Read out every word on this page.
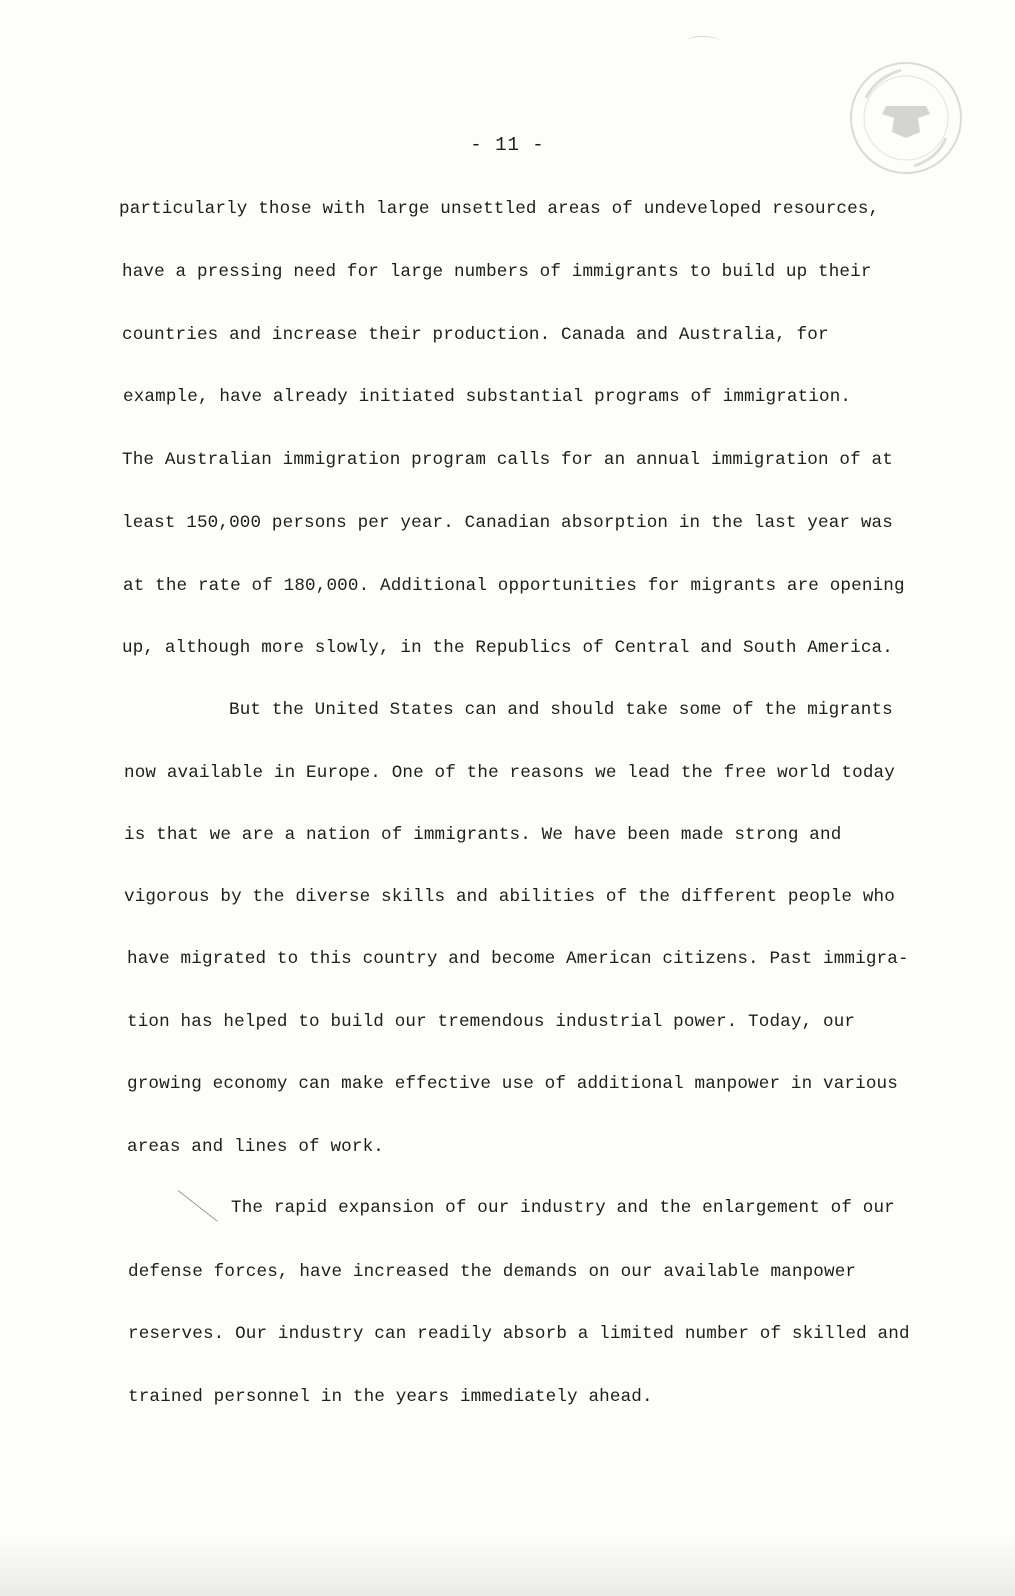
- 11 -
particularly those with large unsettled areas of undeveloped resources,
have a pressing need for large numbers of immigrants to build up their
countries and increase their production. Canada and Australia, for
example, have already initiated substantial programs of immigration.
The Australian immigration program calls for an annual immigration of at
least 150,000 persons per year. Canadian absorption in the last year was
at the rate of 180,000. Additional opportunities for migrants are opening
up, although more slowly, in the Republics of Central and South America.
But the United States can and should take some of the migrants
now available in Europe. One of the reasons we lead the free world today
is that we are a nation of immigrants. We have been made strong and
vigorous by the diverse skills and abilities of the different people who
have migrated to this country and become American citizens. Past immigra-
tion has helped to build our tremendous industrial power. Today, our
growing economy can make effective use of additional manpower in various
areas and lines of work.
The rapid expansion of our industry and the enlargement of our
defense forces, have increased the demands on our available manpower
reserves. Our industry can readily absorb a limited number of skilled and
trained personnel in the years immediately ahead.
